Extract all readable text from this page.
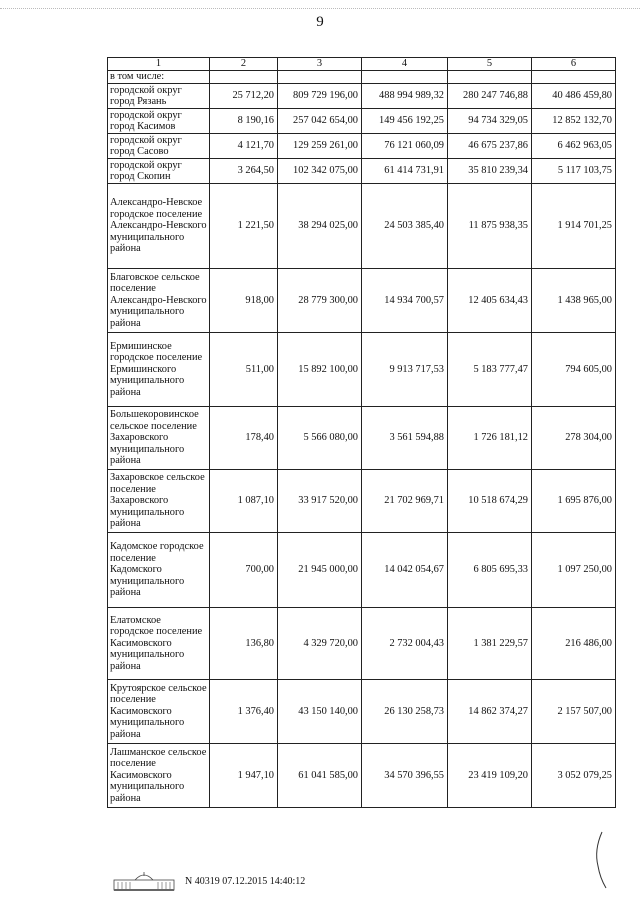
9
1	2	3	4	5	6
в том числе:					
городской округ город Рязань	25 712,20	809 729 196,00	488 994 989,32	280 247 746,88	40 486 459,80
городской округ город Касимов	8 190,16	257 042 654,00	149 456 192,25	94 734 329,05	12 852 132,70
городской округ город Сасово	4 121,70	129 259 261,00	76 121 060,09	46 675 237,86	6 462 963,05
городской округ город Скопин	3 264,50	102 342 075,00	61 414 731,91	35 810 239,34	5 117 103,75
Александро-Невское городское поселение Александро-Невского муниципального района	1 221,50	38 294 025,00	24 503 385,40	11 875 938,35	1 914 701,25
Благовское сельское поселение Александро-Невского муниципального района	918,00	28 779 300,00	14 934 700,57	12 405 634,43	1 438 965,00
Ермишинское городское поселение Ермишинского муниципального района	511,00	15 892 100,00	9 913 717,53	5 183 777,47	794 605,00
Большекоровинское сельское поселение Захаровского муниципального района	178,40	5 566 080,00	3 561 594,88	1 726 181,12	278 304,00
Захаровское сельское поселение Захаровского муниципального района	1 087,10	33 917 520,00	21 702 969,71	10 518 674,29	1 695 876,00
Кадомское городское поселение Кадомского муниципального района	700,00	21 945 000,00	14 042 054,67	6 805 695,33	1 097 250,00
Елатомское городское поселение Касимовского муниципального района	136,80	4 329 720,00	2 732 004,43	1 381 229,57	216 486,00
Крутоярское сельское поселение Касимовского муниципального района	1 376,40	43 150 140,00	26 130 258,73	14 862 374,27	2 157 507,00
Лашманское сельское поселение Касимовского муниципального района	1 947,10	61 041 585,00	34 570 396,55	23 419 109,20	3 052 079,25
N 40319 07.12.2015 14:40:12
